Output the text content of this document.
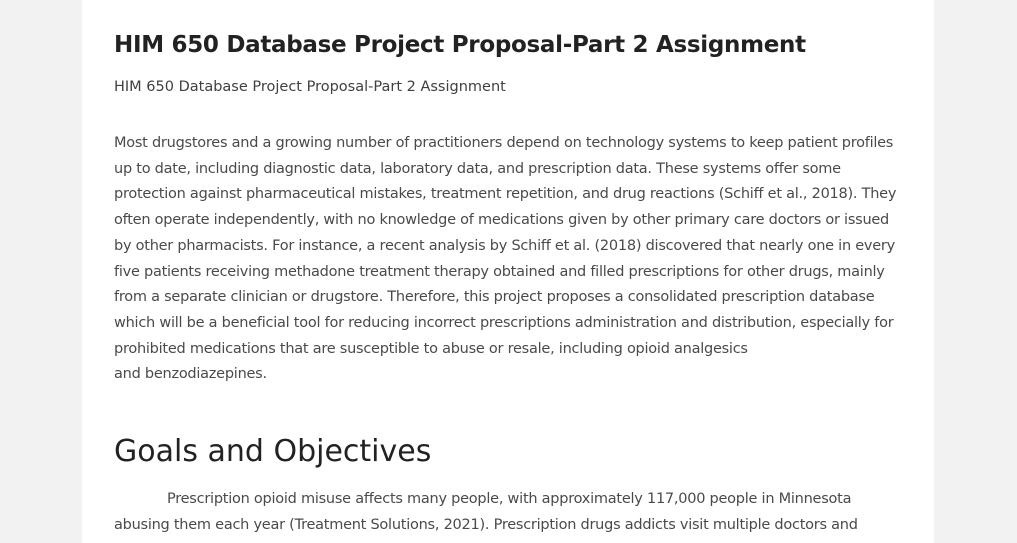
HIM 650 Database Project Proposal-Part 2 Assignment

HIM 650 Database Project Proposal-Part 2 Assignment

Most drugstores and a growing number of practitioners depend on technology systems to keep patient profiles
up to date, including diagnostic data, laboratory data, and prescription data. These systems offer some
protection against pharmaceutical mistakes, treatment repetition, and drug reactions (Schiff et al., 2018). They
often operate independently, with no knowledge of medications given by other primary care doctors or issued
by other pharmacists. For instance, a recent analysis by Schiff et al. (2018) discovered that nearly one in every
five patients receiving methadone treatment therapy obtained and filled prescriptions for other drugs, mainly
from a separate clinician or drugstore. Therefore, this project proposes a consolidated prescription database
which will be a beneficial tool for reducing incorrect prescriptions administration and distribution, especially for
prohibited medications that are susceptible to abuse or resale, including opioid analgesics
and benzodiazepines.

Goals and Objectives

Prescription opioid misuse affects many people, with approximately 117,000 people in Minnesota
abusing them each year (Treatment Solutions, 2021). Prescription drugs addicts visit multiple doctors and
